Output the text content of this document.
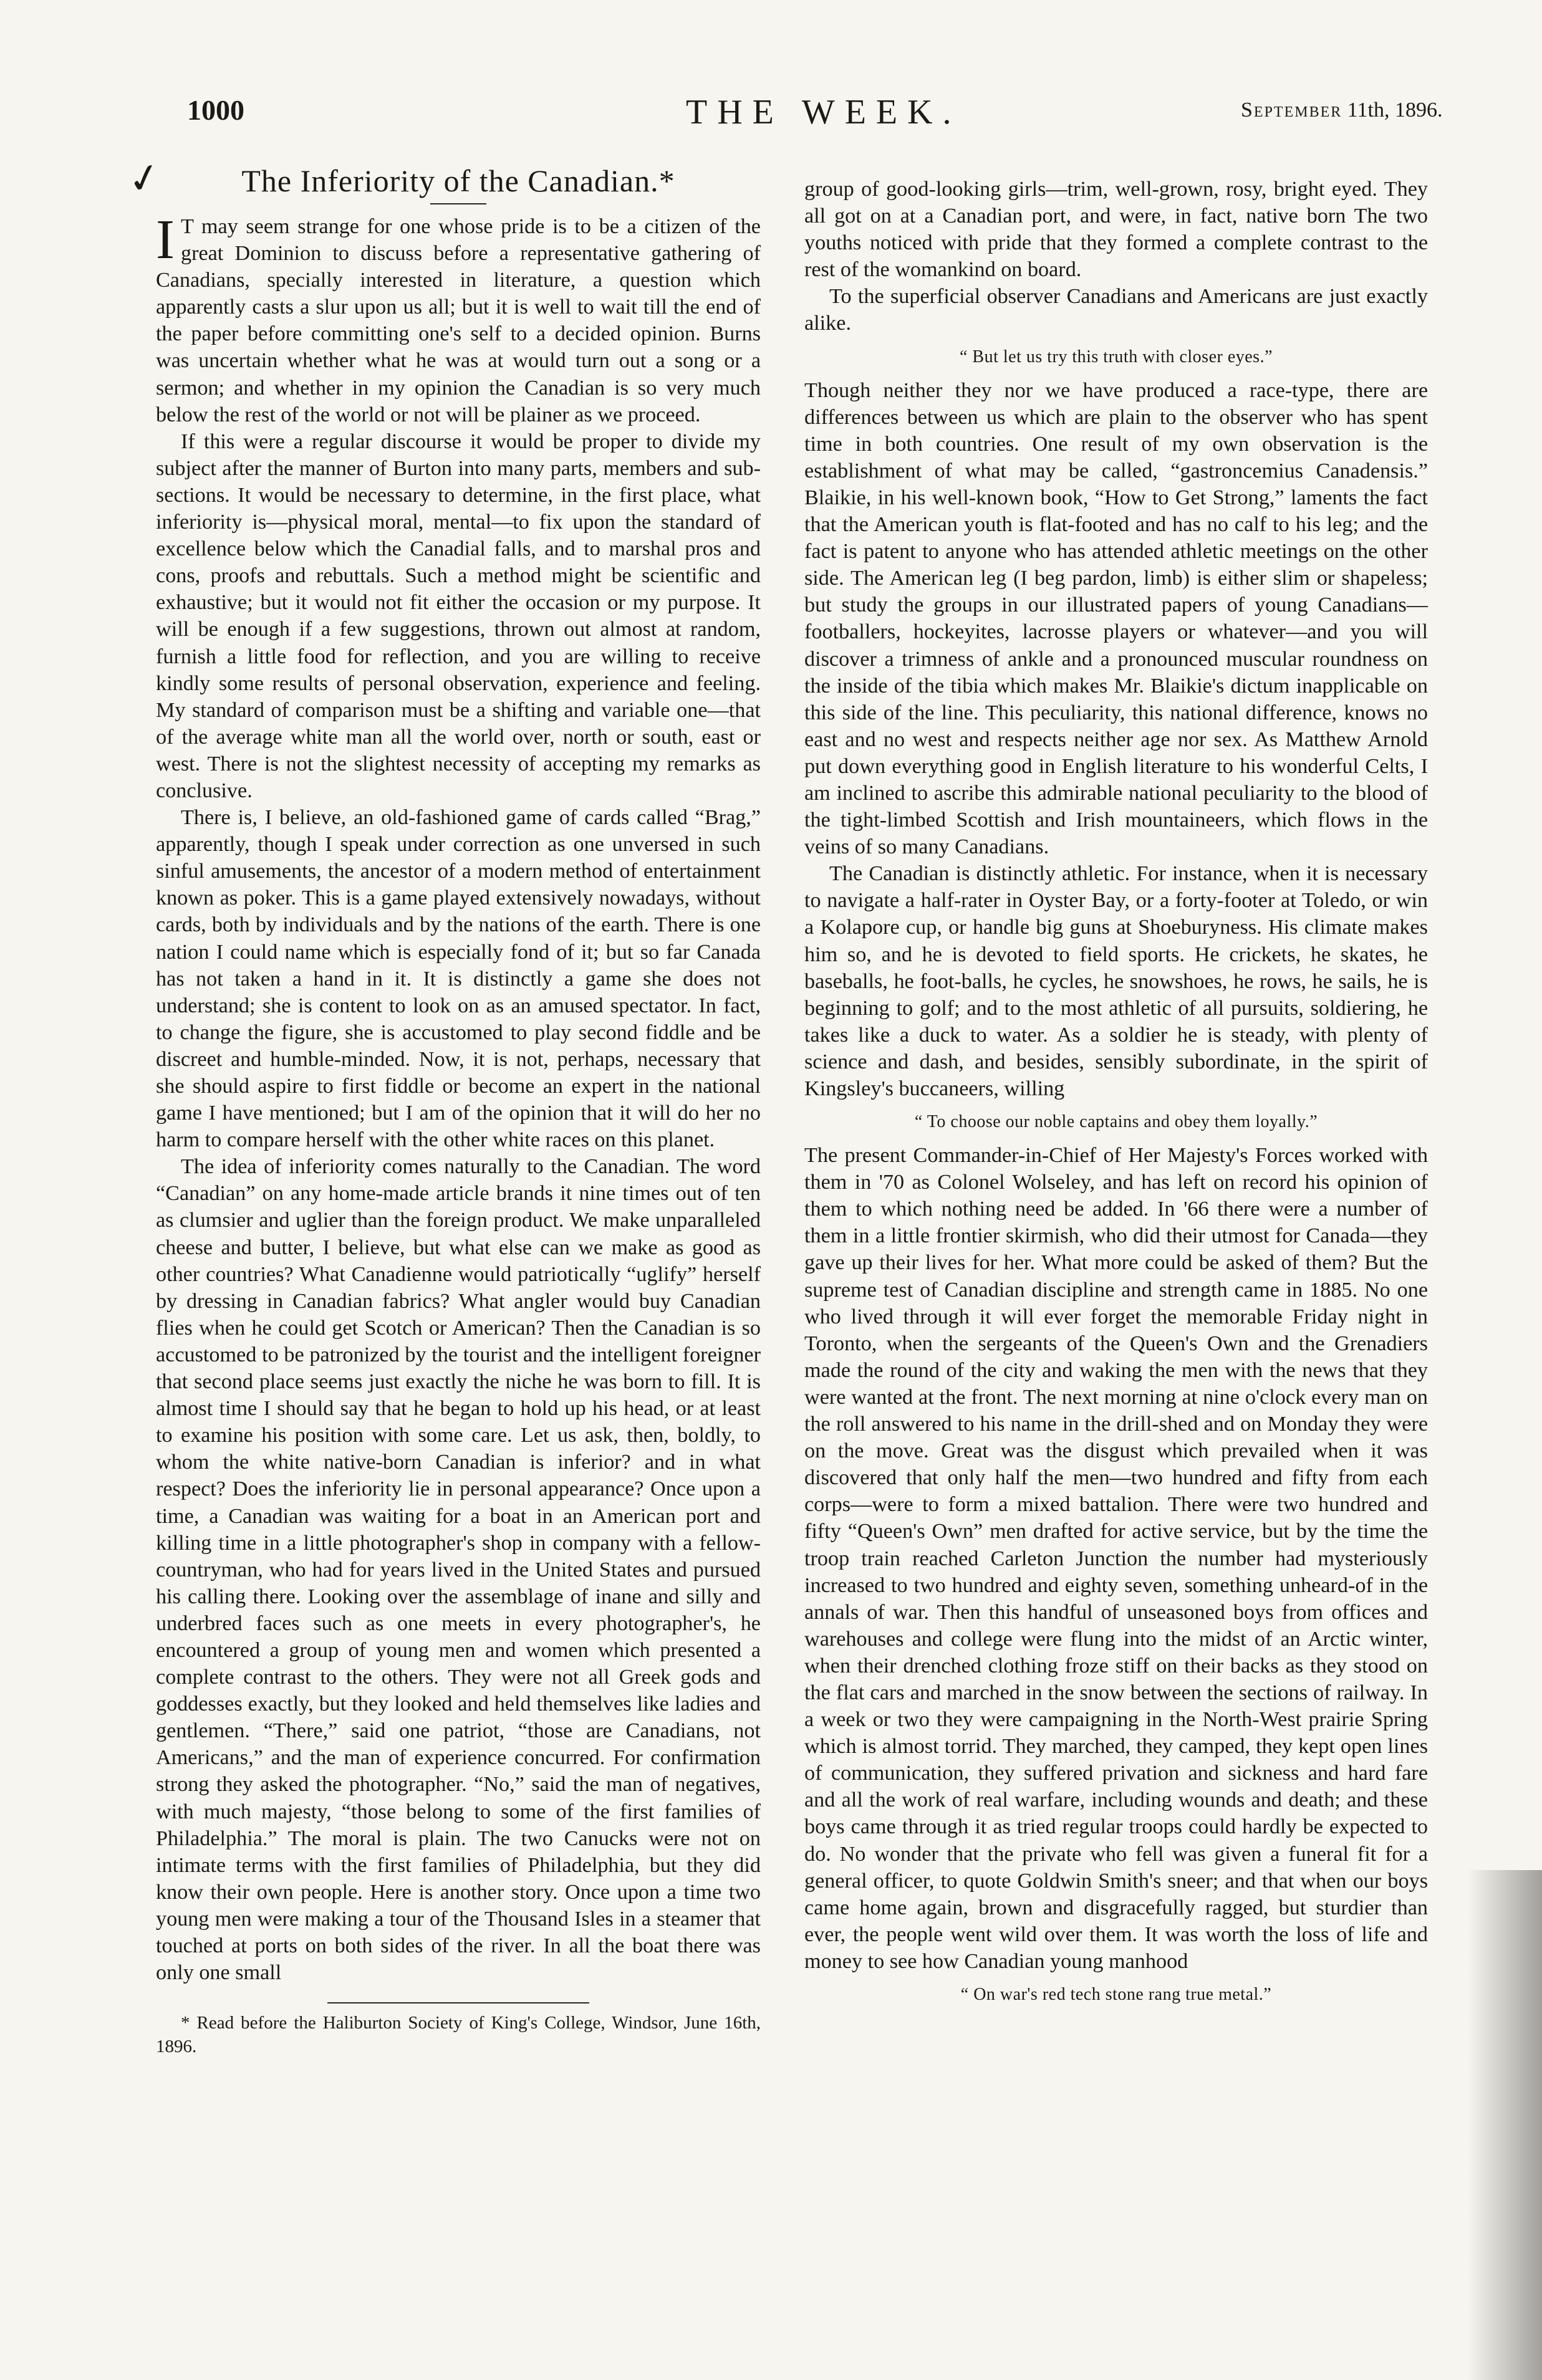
1000	THE WEEK.	September 11th, 1896.
✓	The Inferiority of the Canadian.*

I T may seem strange for one whose pride is to be a citizen of the great Dominion to discuss before a representative gathering of Canadians, specially interested in literature, a question which apparently casts a slur upon us all; but it is well to wait till the end of the paper before committing one's self to a decided opinion. Burns was uncertain whether what he was at would turn out a song or a sermon; and whether in my opinion the Canadian is so very much below the rest of the world or not will be plainer as we proceed.

If this were a regular discourse it would be proper to divide my subject after the manner of Burton into many parts, members and sub-sections. It would be necessary to determine, in the first place, what inferiority is—physical moral, mental—to fix upon the standard of excellence below which the Canadial falls, and to marshal pros and cons, proofs and rebuttals. Such a method might be scientific and exhaustive; but it would not fit either the occasion or my purpose. It will be enough if a few suggestions, thrown out almost at random, furnish a little food for reflection, and you are willing to receive kindly some results of personal observation, experience and feeling. My standard of comparison must be a shifting and variable one—that of the average white man all the world over, north or south, east or west. There is not the slightest necessity of accepting my remarks as conclusive.

There is, I believe, an old-fashioned game of cards called “Brag,” apparently, though I speak under correction as one unversed in such sinful amusements, the ancestor of a modern method of entertainment known as poker. This is a game played extensively nowadays, without cards, both by individuals and by the nations of the earth. There is one nation I could name which is especially fond of it; but so far Canada has not taken a hand in it. It is distinctly a game she does not understand; she is content to look on as an amused spectator. In fact, to change the figure, she is accustomed to play second fiddle and be discreet and humble-minded. Now, it is not, perhaps, necessary that she should aspire to first fiddle or become an expert in the national game I have mentioned; but I am of the opinion that it will do her no harm to compare herself with the other white races on this planet.

The idea of inferiority comes naturally to the Canadian. The word “Canadian” on any home-made article brands it nine times out of ten as clumsier and uglier than the foreign product. We make unparalleled cheese and butter, I believe, but what else can we make as good as other countries? What Canadienne would patriotically “uglify” herself by dressing in Canadian fabrics? What angler would buy Canadian flies when he could get Scotch or American? Then the Canadian is so accustomed to be patronized by the tourist and the intelligent foreigner that second place seems just exactly the niche he was born to fill. It is almost time I should say that he began to hold up his head, or at least to examine his position with some care. Let us ask, then, boldly, to whom the white native-born Canadian is inferior? and in what respect? Does the inferiority lie in personal appearance? Once upon a time, a Canadian was waiting for a boat in an American port and killing time in a little photographer's shop in company with a fellow-countryman, who had for years lived in the United States and pursued his calling there. Looking over the assemblage of inane and silly and underbred faces such as one meets in every photographer's, he encountered a group of young men and women which presented a complete contrast to the others. They were not all Greek gods and goddesses exactly, but they looked and held themselves like ladies and gentlemen. “There,” said one patriot, “those are Canadians, not Americans,” and the man of experience concurred. For confirmation strong they asked the photographer. “No,” said the man of negatives, with much majesty, “those belong to some of the first families of Philadelphia.” The moral is plain. The two Canucks were not on intimate terms with the first families of Philadelphia, but they did know their own people. Here is another story. Once upon a time two young men were making a tour of the Thousand Isles in a steamer that touched at ports on both sides of the river. In all the boat there was only one small

* Read before the Haliburton Society of King's College, Windsor, June 16th, 1896.

group of good-looking girls—trim, well-grown, rosy, bright eyed. They all got on at a Canadian port, and were, in fact, native born The two youths noticed with pride that they formed a complete contrast to the rest of the womankind on board.

To the superficial observer Canadians and Americans are just exactly alike.

“ But let us try this truth with closer eyes.”

Though neither they nor we have produced a race-type, there are differences between us which are plain to the observer who has spent time in both countries. One result of my own observation is the establishment of what may be called, “gastroncemius Canadensis.” Blaikie, in his well-known book, “How to Get Strong,” laments the fact that the American youth is flat-footed and has no calf to his leg; and the fact is patent to anyone who has attended athletic meetings on the other side. The American leg (I beg pardon, limb) is either slim or shapeless; but study the groups in our illustrated papers of young Canadians—footballers, hockeyites, lacrosse players or whatever—and you will discover a trimness of ankle and a pronounced muscular roundness on the inside of the tibia which makes Mr. Blaikie's dictum inapplicable on this side of the line. This peculiarity, this national difference, knows no east and no west and respects neither age nor sex. As Matthew Arnold put down everything good in English literature to his wonderful Celts, I am inclined to ascribe this admirable national peculiarity to the blood of the tight-limbed Scottish and Irish mountaineers, which flows in the veins of so many Canadians.

The Canadian is distinctly athletic. For instance, when it is necessary to navigate a half-rater in Oyster Bay, or a forty-footer at Toledo, or win a Kolapore cup, or handle big guns at Shoeburyness. His climate makes him so, and he is devoted to field sports. He crickets, he skates, he baseballs, he foot-balls, he cycles, he snowshoes, he rows, he sails, he is beginning to golf; and to the most athletic of all pursuits, soldiering, he takes like a duck to water. As a soldier he is steady, with plenty of science and dash, and besides, sensibly subordinate, in the spirit of Kingsley's buccaneers, willing

“ To choose our noble captains and obey them loyally.”

The present Commander-in-Chief of Her Majesty's Forces worked with them in '70 as Colonel Wolseley, and has left on record his opinion of them to which nothing need be added. In '66 there were a number of them in a little frontier skirmish, who did their utmost for Canada—they gave up their lives for her. What more could be asked of them? But the supreme test of Canadian discipline and strength came in 1885. No one who lived through it will ever forget the memorable Friday night in Toronto, when the sergeants of the Queen's Own and the Grenadiers made the round of the city and waking the men with the news that they were wanted at the front. The next morning at nine o'clock every man on the roll answered to his name in the drill-shed and on Monday they were on the move. Great was the disgust which prevailed when it was discovered that only half the men—two hundred and fifty from each corps—were to form a mixed battalion. There were two hundred and fifty “Queen's Own” men drafted for active service, but by the time the troop train reached Carleton Junction the number had mysteriously increased to two hundred and eighty seven, something unheard-of in the annals of war. Then this handful of unseasoned boys from offices and warehouses and college were flung into the midst of an Arctic winter, when their drenched clothing froze stiff on their backs as they stood on the flat cars and marched in the snow between the sections of railway. In a week or two they were campaigning in the North-West prairie Spring which is almost torrid. They marched, they camped, they kept open lines of communication, they suffered privation and sickness and hard fare and all the work of real warfare, including wounds and death; and these boys came through it as tried regular troops could hardly be expected to do. No wonder that the private who fell was given a funeral fit for a general officer, to quote Goldwin Smith's sneer; and that when our boys came home again, brown and disgracefully ragged, but sturdier than ever, the people went wild over them. It was worth the loss of life and money to see how Canadian young manhood

“ On war's red tech stone rang true metal.”
